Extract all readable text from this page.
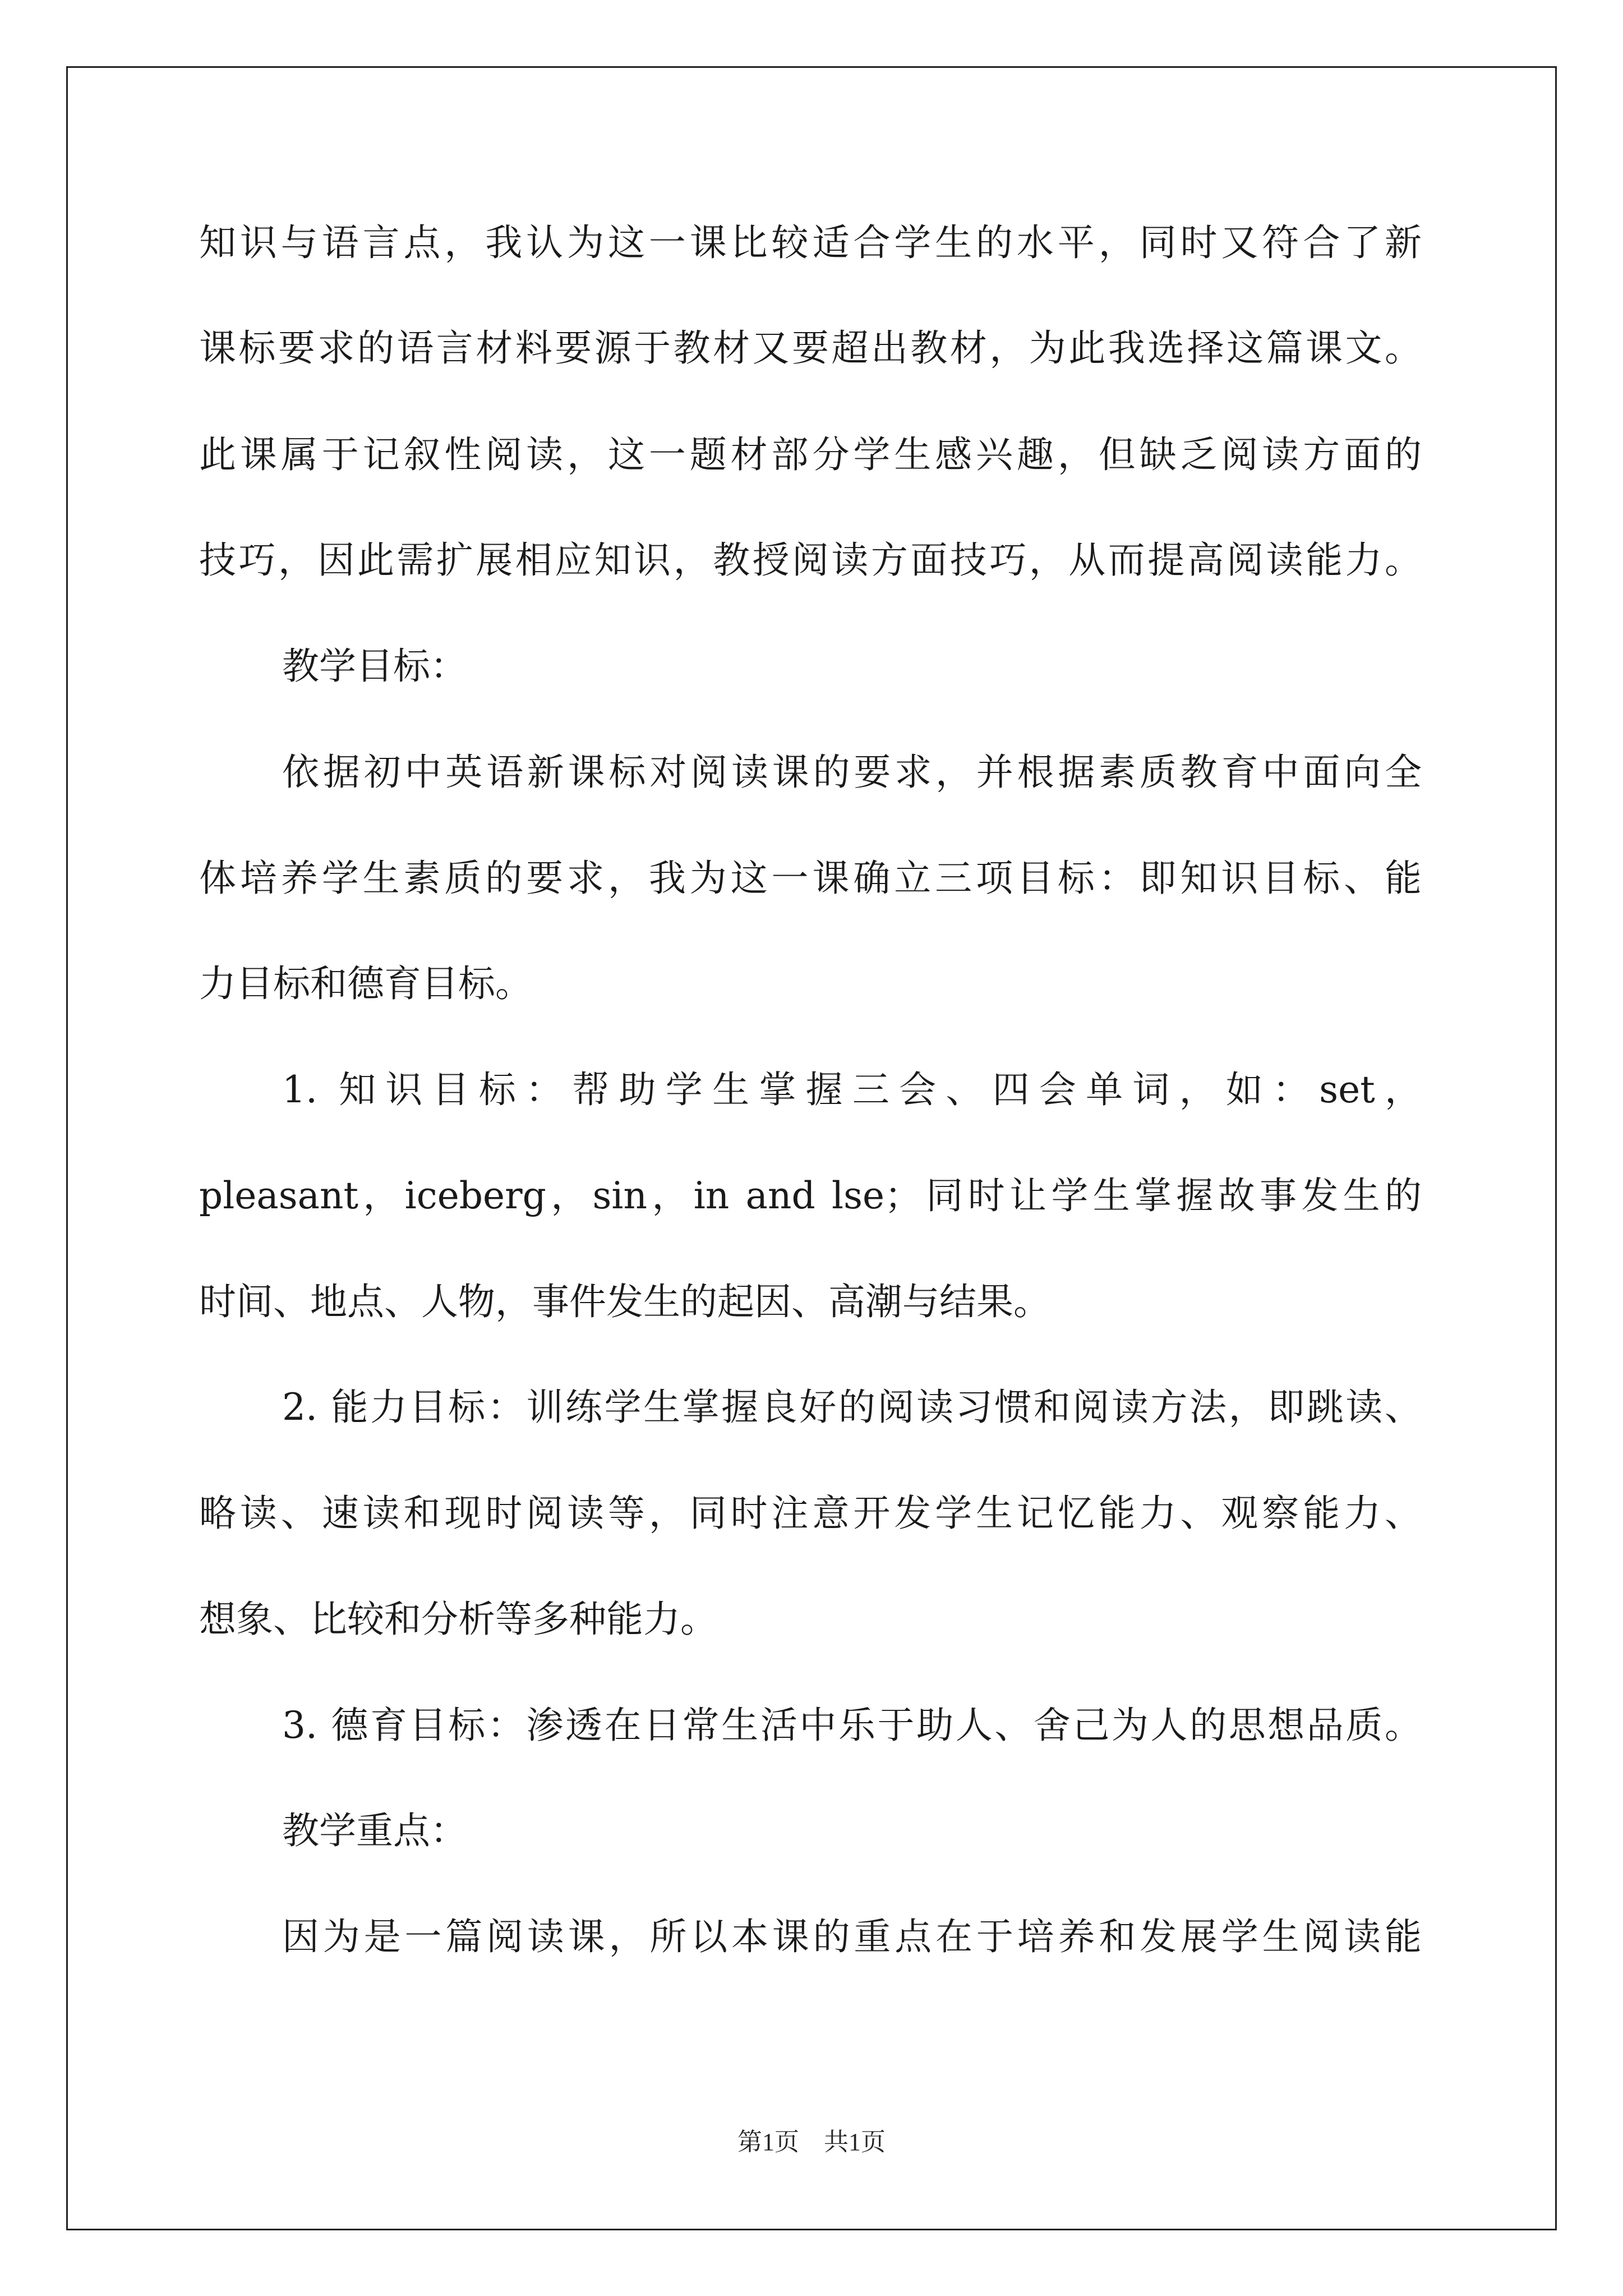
知识与语言点，我认为这一课比较适合学生的水平，同时又符合了新
课标要求的语言材料要源于教材又要超出教材，为此我选择这篇课文。
此课属于记叙性阅读，这一题材部分学生感兴趣，但缺乏阅读方面的
技巧，因此需扩展相应知识，教授阅读方面技巧，从而提高阅读能力。
教学目标：
依据初中英语新课标对阅读课的要求，并根据素质教育中面向全
体培养学生素质的要求，我为这一课确立三项目标：即知识目标、能
力目标和德育目标。
1. 知识目标：帮助学生掌握三会、四会单词，如：set，
pleasant，iceberg，sin，in and lse；同时让学生掌握故事发生的
时间、地点、人物，事件发生的起因、高潮与结果。
2. 能力目标：训练学生掌握良好的阅读习惯和阅读方法，即跳读、
略读、速读和现时阅读等，同时注意开发学生记忆能力、观察能力、
想象、比较和分析等多种能力。
3. 德育目标：渗透在日常生活中乐于助人、舍己为人的思想品质。
教学重点：
因为是一篇阅读课，所以本课的重点在于培养和发展学生阅读能
第1页　共1页
